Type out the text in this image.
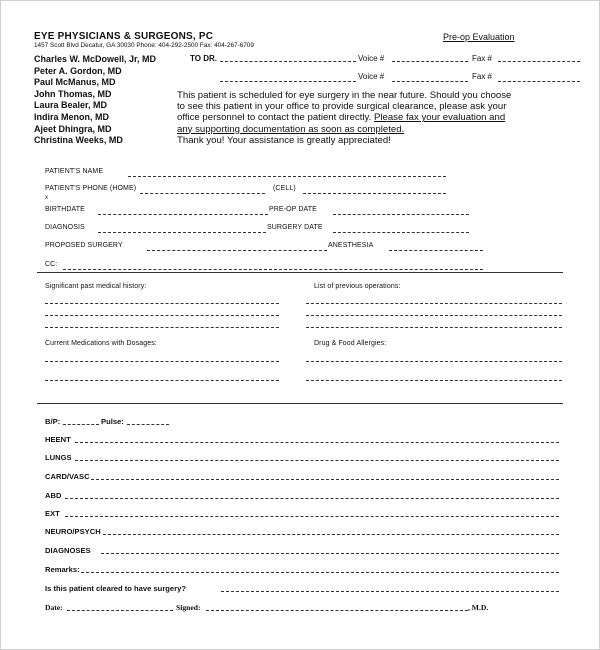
EYE PHYSICIANS & SURGEONS, PC
1457 Scott Blvd Decatur, GA 30030 Phone: 404-292-2500 Fax: 404-267-6709
Pre-op Evaluation
Charles W. McDowell, Jr, MD
Peter A. Gordon, MD
Paul McManus, MD
John Thomas, MD
Laura Bealer, MD
Indira Menon, MD
Ajeet Dhingra, MD
Christina Weeks, MD
TO DR.	Voice #	Fax #
Voice #	Fax #
This patient is scheduled for eye surgery in the near future. Should you choose
to see this patient in your office to provide surgical clearance, please ask your
office personnel to contact the patient directly. Please fax your evaluation and
any supporting documentation as soon as completed.
Thank you! Your assistance is greatly appreciated!
PATIENT'S NAME
PATIENT'S PHONE (HOME)	(CELL)
x
BIRTHDATE	PRE-OP DATE
DIAGNOSIS	SURGERY DATE
PROPOSED SURGERY	ANESTHESIA
CC:
Significant past medical history:	List of previous operations:
Current Medications with Dosages:	Drug & Food Allergies:
B/P:	Pulse:
HEENT
LUNGS
CARD/VASC
ABD
EXT
NEURO/PSYCH
DIAGNOSES
Remarks:
Is this patient cleared to have surgery?
Date:	Signed:	, M.D.
